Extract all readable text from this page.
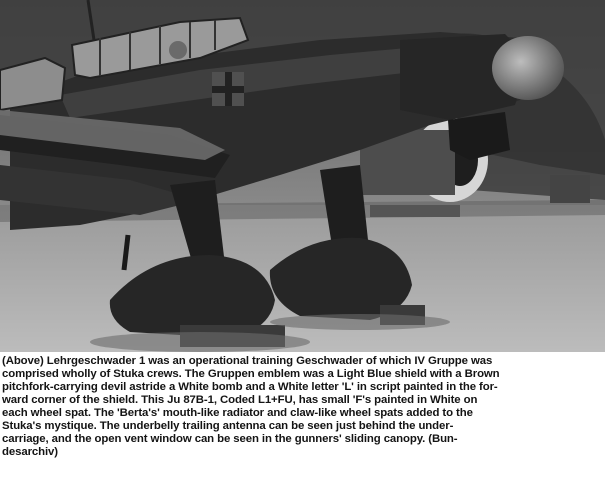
(Above) Lehrgeschwader 1 was an operational training Geschwader of which IV Gruppe was
comprised wholly of Stuka crews. The Gruppen emblem was a Light Blue shield with a Brown
pitchfork-carrying devil astride a White bomb and a White letter 'L' in script painted in the for-
ward corner of the shield. This Ju 87B-1, Coded L1+FU, has small 'F's painted in White on
each wheel spat. The 'Berta's' mouth-like radiator and claw-like wheel spats added to the
Stuka's mystique. The underbelly trailing antenna can be seen just behind the under-
carriage, and the open vent window can be seen in the gunners' sliding canopy. (Bun-
desarchiv)
